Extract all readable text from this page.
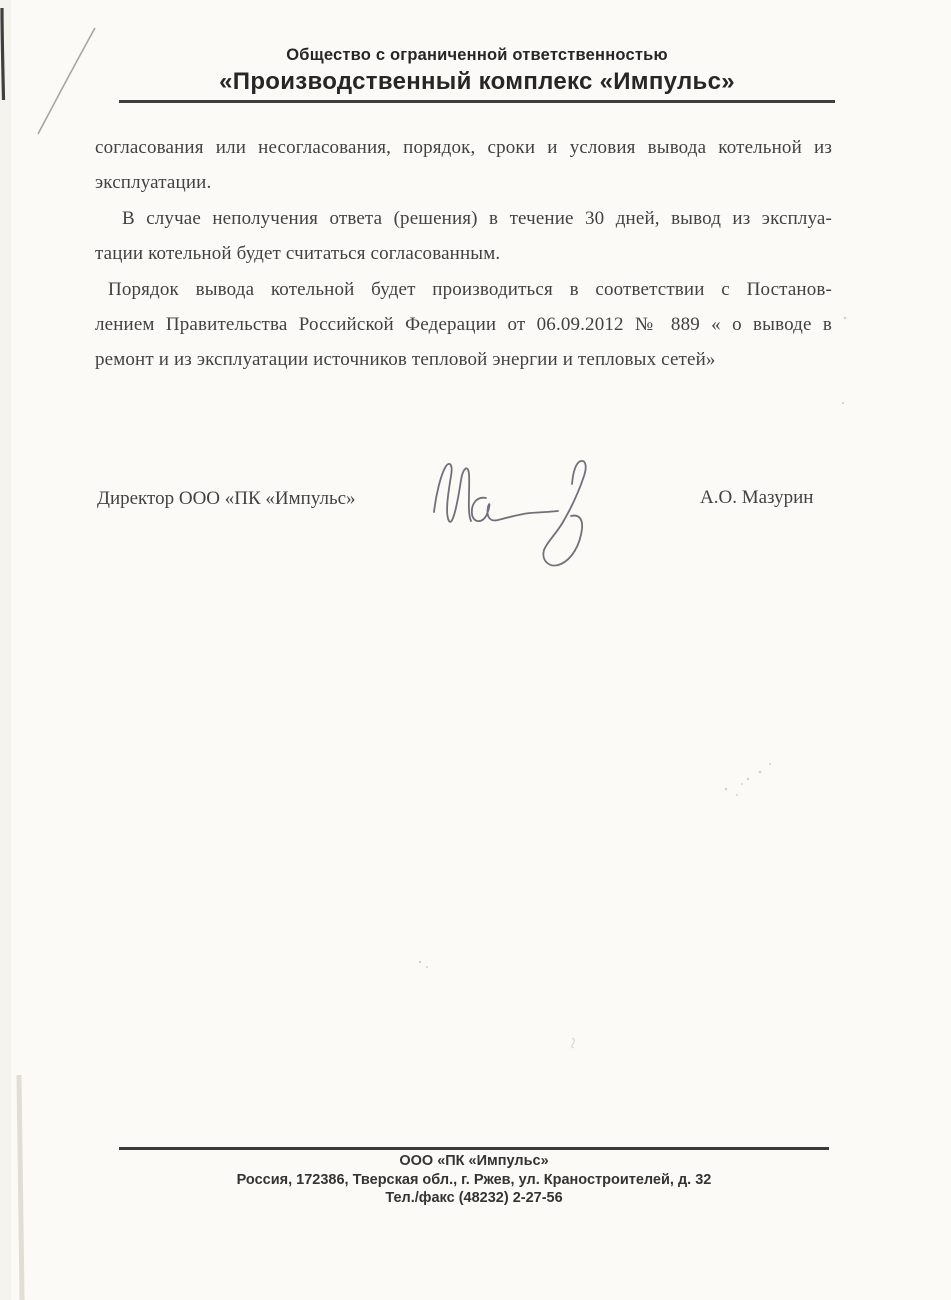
Общество с ограниченной ответственностью
«Производственный комплекс «Импульс»
согласования или несогласования, порядок, сроки и условия вывода котельной из
эксплуатации.
В случае неполучения ответа (решения) в течение 30 дней, вывод из эксплуа-
тации котельной будет считаться согласованным.
Порядок вывода котельной будет производиться в соответствии с Постанов-
лением Правительства Российской Федерации от 06.09.2012 № 889 « о выводе в
ремонт и из эксплуатации источников тепловой энергии и тепловых сетей»
Директор ООО «ПК «Импульс»	А.О. Мазурин
ООО «ПК «Импульс»
Россия, 172386, Тверская обл., г. Ржев, ул. Краностроителей, д. 32
Тел./факс (48232) 2-27-56
